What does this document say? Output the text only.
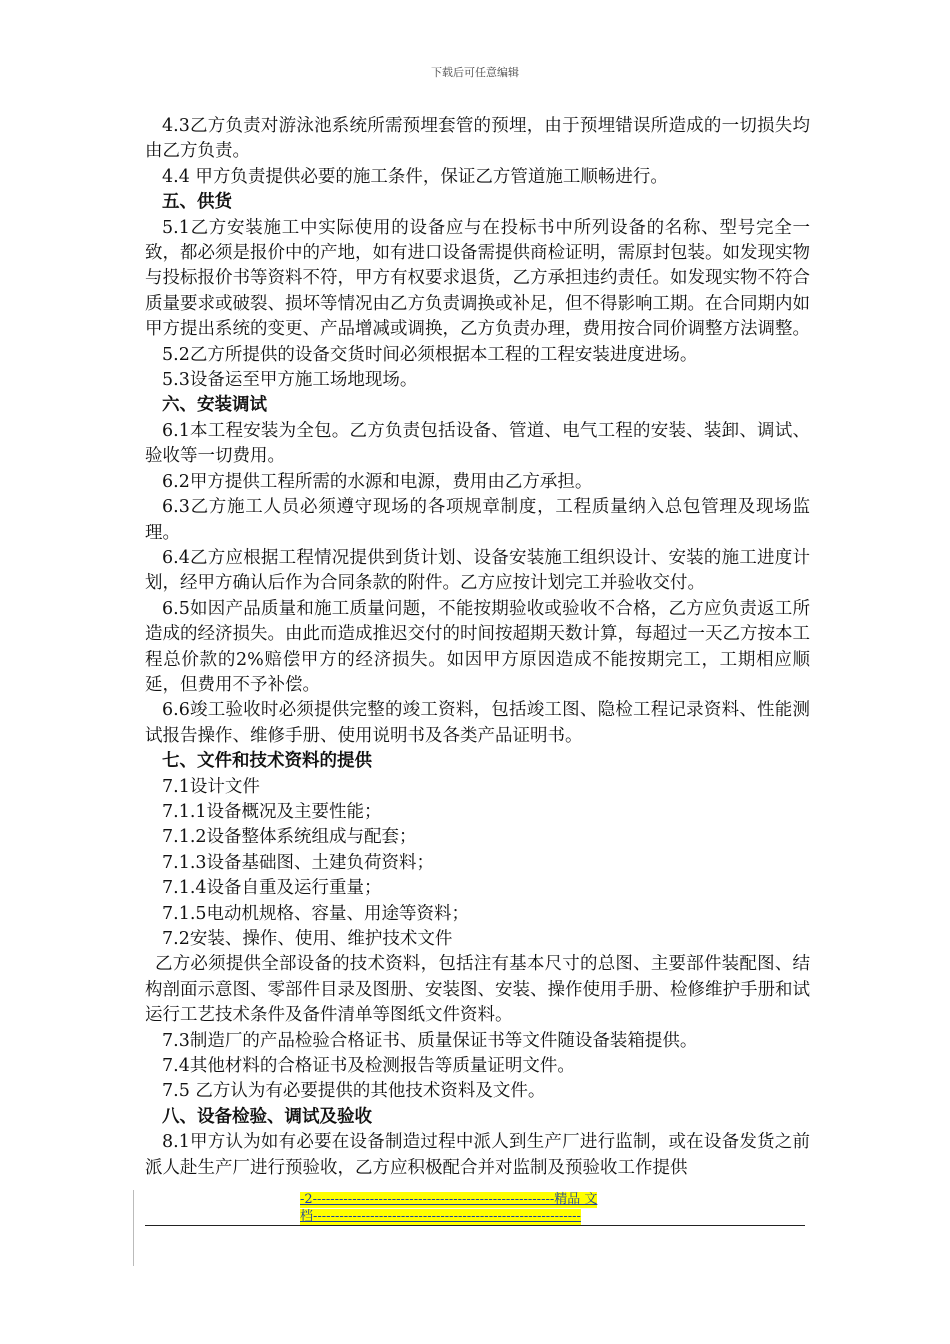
下载后可任意编辑

4.3乙方负责对游泳池系统所需预埋套管的预埋，由于预埋错误所造成的一切损失均由乙方负责。

4.4 甲方负责提供必要的施工条件，保证乙方管道施工顺畅进行。

五、供货

5.1乙方安装施工中实际使用的设备应与在投标书中所列设备的名称、型号完全一致，都必须是报价中的产地，如有进口设备需提供商检证明，需原封包装。如发现实物与投标报价书等资料不符，甲方有权要求退货，乙方承担违约责任。如发现实物不符合质量要求或破裂、损坏等情况由乙方负责调换或补足，但不得影响工期。在合同期内如甲方提出系统的变更、产品增减或调换，乙方负责办理，费用按合同价调整方法调整。

5.2乙方所提供的设备交货时间必须根据本工程的工程安装进度进场。

5.3设备运至甲方施工场地现场。

六、安装调试

6.1本工程安装为全包。乙方负责包括设备、管道、电气工程的安装、装卸、调试、验收等一切费用。

6.2甲方提供工程所需的水源和电源，费用由乙方承担。

6.3乙方施工人员必须遵守现场的各项规章制度，工程质量纳入总包管理及现场监理。

6.4乙方应根据工程情况提供到货计划、设备安装施工组织设计、安装的施工进度计划，经甲方确认后作为合同条款的附件。乙方应按计划完工并验收交付。

6.5如因产品质量和施工质量问题，不能按期验收或验收不合格，乙方应负责返工所造成的经济损失。由此而造成推迟交付的时间按超期天数计算，每超过一天乙方按本工程总价款的2%赔偿甲方的经济损失。如因甲方原因造成不能按期完工，工期相应顺延，但费用不予补偿。

6.6竣工验收时必须提供完整的竣工资料，包括竣工图、隐检工程记录资料、性能测试报告操作、维修手册、使用说明书及各类产品证明书。

七、文件和技术资料的提供

7.1设计文件

7.1.1设备概况及主要性能；

7.1.2设备整体系统组成与配套；

7.1.3设备基础图、土建负荷资料；

7.1.4设备自重及运行重量；

7.1.5电动机规格、容量、用途等资料；

7.2安装、操作、使用、维护技术文件

乙方必须提供全部设备的技术资料，包括注有基本尺寸的总图、主要部件装配图、结构剖面示意图、零部件目录及图册、安装图、安装、操作使用手册、检修维护手册和试运行工艺技术条件及备件清单等图纸文件资料。

7.3制造厂的产品检验合格证书、质量保证书等文件随设备装箱提供。

7.4其他材料的合格证书及检测报告等质量证明文件。

7.5 乙方认为有必要提供的其他技术资料及文件。

八、设备检验、调试及验收

8.1甲方认为如有必要在设备制造过程中派人到生产厂进行监制，或在设备发货之前派人赴生产厂进行预验收，乙方应积极配合并对监制及预验收工作提供

-2-------------------------------------------------------精品 文
档-------------------------------------------------------------
